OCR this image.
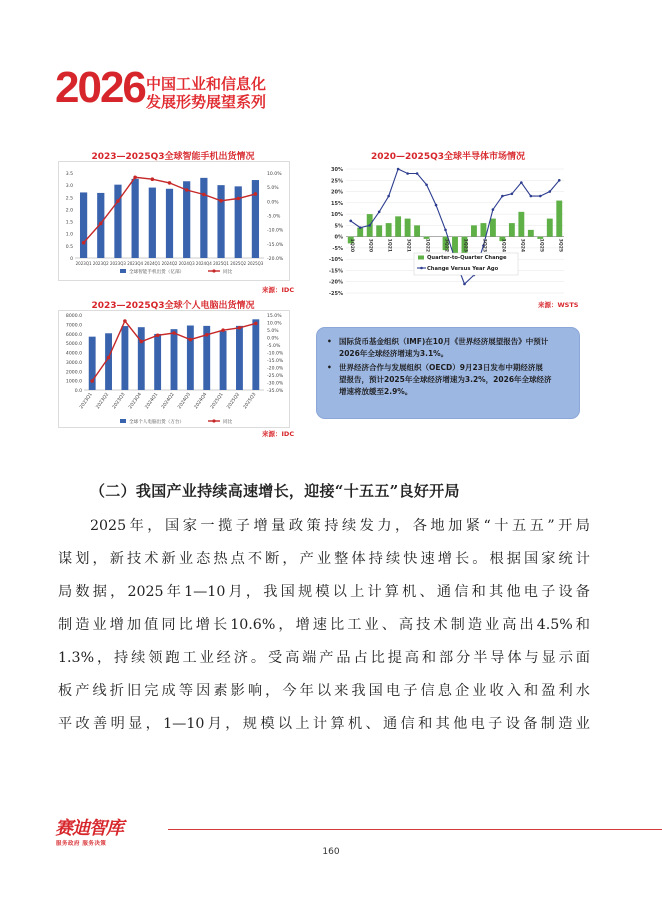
2026 中国工业和信息化
发展形势展望系列
2023—2025Q3全球智能手机出货情况
0
0.5
1.0
1.5
2.0
2.5
3.0
3.5	10.0%
5.0%
0.0%
-5.0%
-10.0%
-15.0%
-20.0%
2023Q1 2023Q2 2023Q3 2023Q4 2024Q1 2024Q2 2024Q3 2024Q4 2025Q1 2025Q2 2025Q3
全球智能手机出货（亿部）	同比
来源：IDC
2023—2025Q3全球个人电脑出货情况
0.0
1000.0
2000.0
3000.0
4000.0
5000.0
6000.0
7000.0
8000.0	15.0%
10.0%
5.0%
0.0%
-5.0%
-10.0%
-15.0%
-20.0%
-25.0%
-30.0%
-35.0%
2023Q1 2023Q2 2023Q3 2023Q4 2024Q1 2024Q2 2024Q3 2024Q4 2025Q1 2025Q2 2025Q3
全球个人电脑出货（万台）	同比
来源：IDC
2020—2025Q3全球半导体市场情况
30%
25%
20%
15%
10%
5%
0%
-5%
-10%
-15%
-20%
-25%
1Q20	3Q20	1Q21	3Q21	1Q22	3Q22	1Q23	3Q23	1Q24	3Q24	1Q25	3Q25
Quarter-to-Quarter Change
Change Versus Year Ago
来源：WSTS
• 国际货币基金组织（IMF)在10月《世界经济展望报告》中预计
2026年全球经济增速为3.1%。
• 世界经济合作与发展组织（OECD）9月23日发布中期经济展
望报告，预计2025年全球经济增速为3.2%，2026年全球经济
增速将放缓至2.9%。
（二）我国产业持续高速增长，迎接“十五五”良好开局
2025年，国家一揽子增量政策持续发力，各地加紧“十五五”开局
谋划，新技术新业态热点不断，产业整体持续快速增长。根据国家统计
局数据，2025年1—10月，我国规模以上计算机、通信和其他电子设备
制造业增加值同比增长10.6%，增速比工业、高技术制造业高出4.5%和
1.3%，持续领跑工业经济。受高端产品占比提高和部分半导体与显示面
板产线折旧完成等因素影响，今年以来我国电子信息企业收入和盈利水
平改善明显，1—10月，规模以上计算机、通信和其他电子设备制造业
赛迪智库
服务政府 服务决策
160
